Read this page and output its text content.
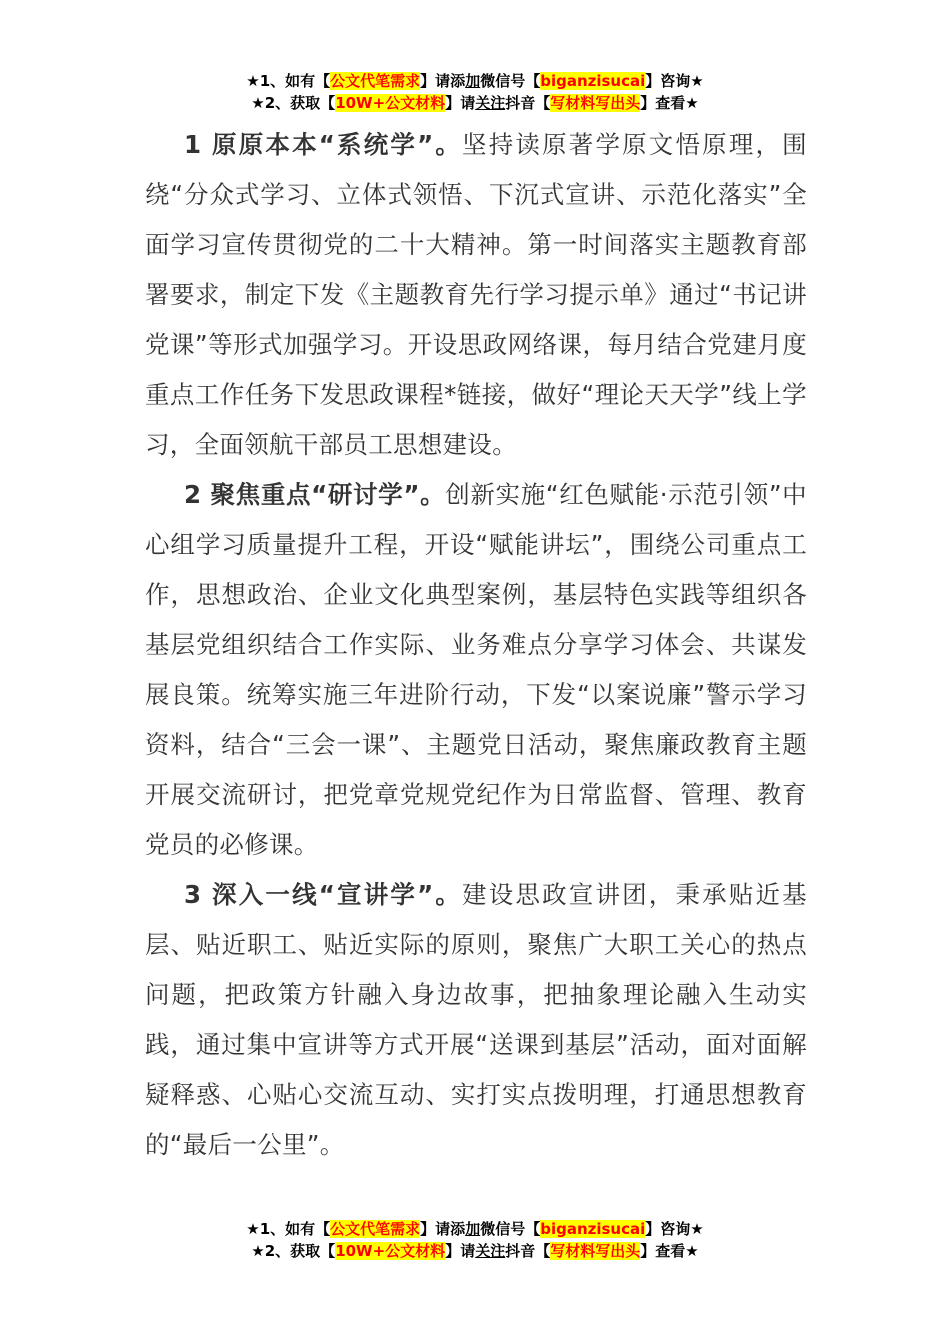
★1、如有【公文代笔需求】请添加微信号【biganzisucai】咨询★
★2、获取【10W+公文材料】请关注抖音【写材料写出头】查看★

1 原原本本“系统学”。坚持读原著学原文悟原理，围绕“分众式学习、立体式领悟、下沉式宣讲、示范化落实”全面学习宣传贯彻党的二十大精神。第一时间落实主题教育部署要求，制定下发《主题教育先行学习提示单》通过“书记讲党课”等形式加强学习。开设思政网络课，每月结合党建月度重点工作任务下发思政课程*链接，做好“理论天天学”线上学习，全面领航干部员工思想建设。

2 聚焦重点“研讨学”。创新实施“红色赋能·示范引领”中心组学习质量提升工程，开设“赋能讲坛”，围绕公司重点工作，思想政治、企业文化典型案例，基层特色实践等组织各基层党组织结合工作实际、业务难点分享学习体会、共谋发展良策。统筹实施三年进阶行动，下发“以案说廉”警示学习资料，结合“三会一课”、主题党日活动，聚焦廉政教育主题开展交流研讨，把党章党规党纪作为日常监督、管理、教育党员的必修课。

3 深入一线“宣讲学”。建设思政宣讲团，秉承贴近基层、贴近职工、贴近实际的原则，聚焦广大职工关心的热点问题，把政策方针融入身边故事，把抽象理论融入生动实践，通过集中宣讲等方式开展“送课到基层”活动，面对面解疑释惑、心贴心交流互动、实打实点拨明理，打通思想教育的“最后一公里”。

★1、如有【公文代笔需求】请添加微信号【biganzisucai】咨询★
★2、获取【10W+公文材料】请关注抖音【写材料写出头】查看★
